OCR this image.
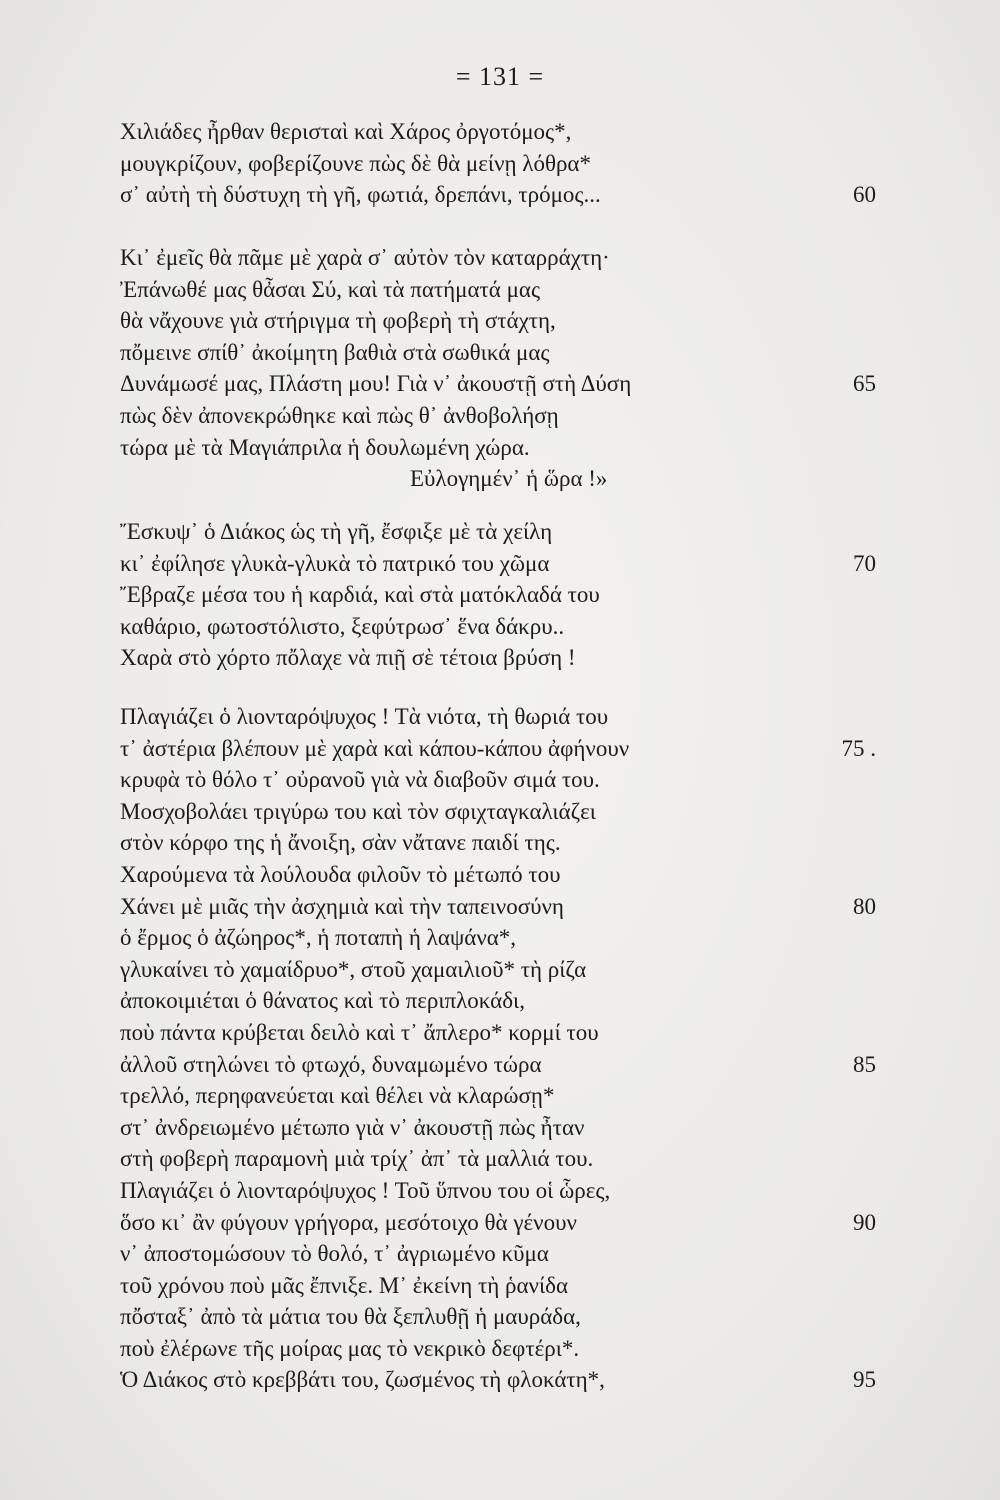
= 131 =
Χιλιάδες ἦρθαν θερισταὶ καὶ Χάρος ὀργοτόμος*,
μουγκρίζουν, φοβερίζουνε πὼς δὲ θὰ μείνῃ λόθρα*
σ᾽ αὐτὴ τὴ δύστυχη τὴ γῆ, φωτιά, δρεπάνι, τρόμος...	60
Κι᾽ ἐμεῖς θὰ πᾶμε μὲ χαρὰ σ᾽ αὐτὸν τὸν καταρράχτη·
Ἐπάνωθέ μας θἆσαι Σύ, καὶ τὰ πατήματά μας
θὰ νἄχουνε γιὰ στήριγμα τὴ φοβερὴ τὴ στάχτη,
πὄμεινε σπίθ᾽ ἀκοίμητη βαθιὰ στὰ σωθικά μας
Δυνάμωσέ μας, Πλάστη μου! Γιὰ ν᾽ ἀκουστῇ στὴ Δύση	65
πὼς δὲν ἀπονεκρώθηκε καὶ πὼς θ᾽ ἀνθοβολήσῃ
τώρα μὲ τὰ Μαγιάπριλα ἡ δουλωμένη χώρα.
Εὐλογημέν᾽ ἡ ὥρα !»
Ἔσκυψ᾽ ὁ Διάκος ὡς τὴ γῆ, ἔσφιξε μὲ τὰ χείλη
κι᾽ ἐφίλησε γλυκὰ-γλυκὰ τὸ πατρικό του χῶμα	70
Ἔβραζε μέσα του ἡ καρδιά, καὶ στὰ ματόκλαδά του
καθάριο, φωτοστόλιστο, ξεφύτρωσ᾽ ἕνα δάκρυ..
Χαρὰ στὸ χόρτο πὄλαχε νὰ πιῇ σὲ τέτοια βρύση !
Πλαγιάζει ὁ λιονταρόψυχος ! Τὰ νιότα, τὴ θωριά του
τ᾽ ἀστέρια βλέπουν μὲ χαρὰ καὶ κάπου-κάπου ἀφήνουν	75 .
κρυφὰ τὸ θόλο τ᾽ οὐρανοῦ γιὰ νὰ διαβοῦν σιμά του.
Μοσχοβολάει τριγύρω του καὶ τὸν σφιχταγκαλιάζει
στὸν κόρφο της ἡ ἄνοιξη, σὰν νἄτανε παιδί της.
Χαρούμενα τὰ λούλουδα φιλοῦν τὸ μέτωπό του
Χάνει μὲ μιᾶς τὴν ἀσχημιὰ καὶ τὴν ταπεινοσύνη	80
ὁ ἔρμος ὁ ἀζώηρος*, ἡ ποταπὴ ἡ λαψάνα*,
γλυκαίνει τὸ χαμαίδρυο*, στοῦ χαμαιλιοῦ* τὴ ρίζα
ἀποκοιμιέται ὁ θάνατος καὶ τὸ περιπλοκάδι,
ποὺ πάντα κρύβεται δειλὸ καὶ τ᾽ ἄπλερο* κορμί του
ἀλλοῦ στηλώνει τὸ φτωχό, δυναμωμένο τώρα	85
τρελλό, περηφανεύεται καὶ θέλει νὰ κλαρώσῃ*
στ᾽ ἀνδρειωμένο μέτωπο γιὰ ν᾽ ἀκουστῇ πὼς ἦταν
στὴ φοβερὴ παραμονὴ μιὰ τρίχ᾽ ἀπ᾽ τὰ μαλλιά του.
Πλαγιάζει ὁ λιονταρόψυχος ! Τοῦ ὕπνου του οἱ ὧρες,
ὅσο κι᾽ ἂν φύγουν γρήγορα, μεσότοιχο θὰ γένουν	90
ν᾽ ἀποστομώσουν τὸ θολό, τ᾽ ἀγριωμένο κῦμα
τοῦ χρόνου ποὺ μᾶς ἔπνιξε. Μ᾽ ἐκείνη τὴ ῥανίδα
πὄσταξ᾽ ἀπὸ τὰ μάτια του θὰ ξεπλυθῇ ἡ μαυράδα,
ποὺ ἐλέρωνε τῆς μοίρας μας τὸ νεκρικὸ δεφτέρι*.
Ὁ Διάκος στὸ κρεββάτι του, ζωσμένος τὴ φλοκάτη*,	95
